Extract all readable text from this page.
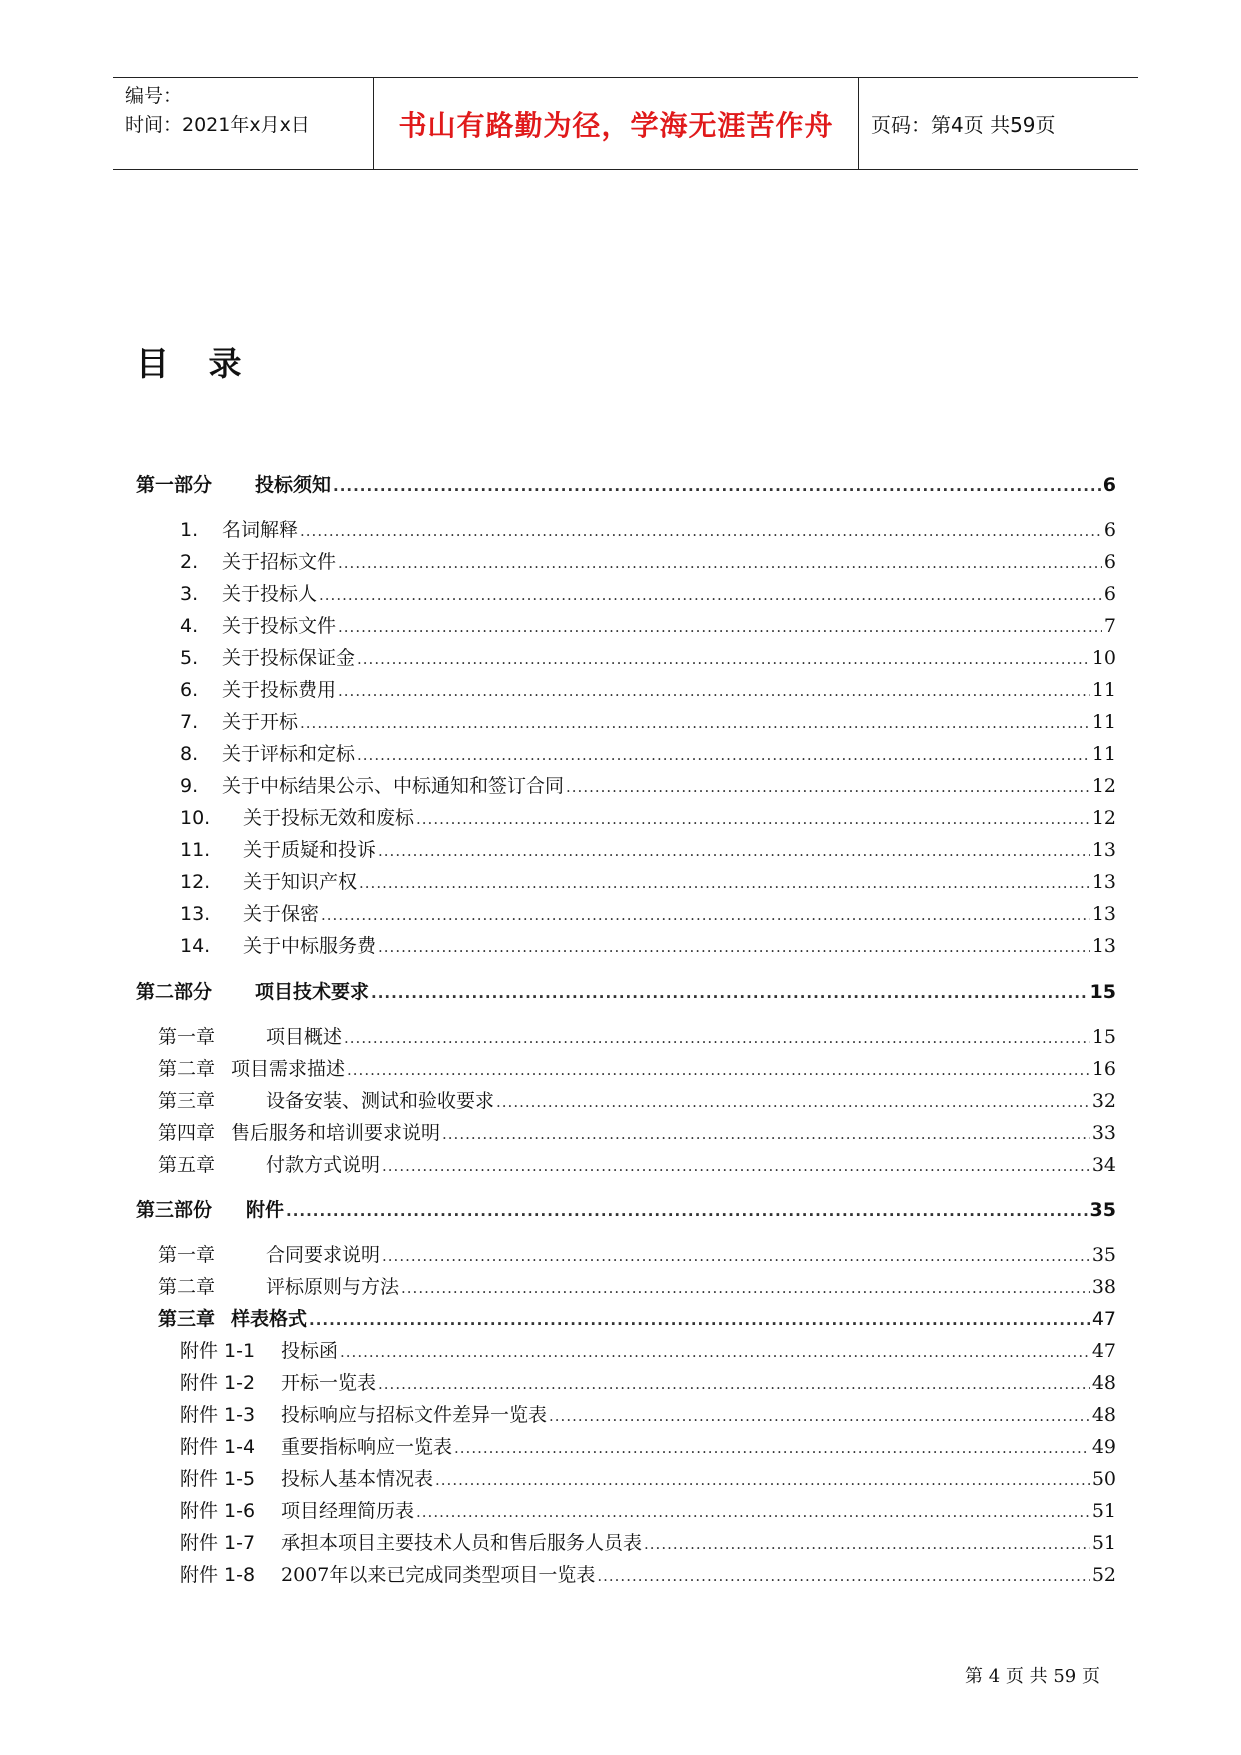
编号：
时间：2021年x月x日	书山有路勤为径，学海无涯苦作舟	页码：第4页 共59页
目 录
第一部分	投标须知 .....	6
1.	名词解释 .....	6
2.	关于招标文件 .....	6
3.	关于投标人 .....	6
4.	关于投标文件 .....	7
5.	关于投标保证金 .....	10
6.	关于投标费用 .....	11
7.	关于开标 .....	11
8.	关于评标和定标 .....	11
9.	关于中标结果公示、中标通知和签订合同 .....	12
10.	关于投标无效和废标 .....	12
11.	关于质疑和投诉 .....	13
12.	关于知识产权 .....	13
13.	关于保密 .....	13
14.	关于中标服务费 .....	13
第二部分	项目技术要求 .....	15
第一章	项目概述 .....	15
第二章 项目需求描述 .....	16
第三章	设备安装、测试和验收要求 .....	32
第四章 售后服务和培训要求说明 .....	33
第五章	付款方式说明 .....	34
第三部份	附件 .....	35
第一章	合同要求说明 .....	35
第二章	评标原则与方法 .....	38
第三章 样表格式 .....	47
附件 1-1	投标函 .....	47
附件 1-2	开标一览表 .....	48
附件 1-3	投标响应与招标文件差异一览表 .....	48
附件 1-4	重要指标响应一览表 .....	49
附件 1-5	投标人基本情况表 .....	50
附件 1-6	项目经理简历表 .....	51
附件 1-7	承担本项目主要技术人员和售后服务人员表 .....	51
附件 1-8	2007年以来已完成同类型项目一览表 .....	52
第 4 页 共 59 页
